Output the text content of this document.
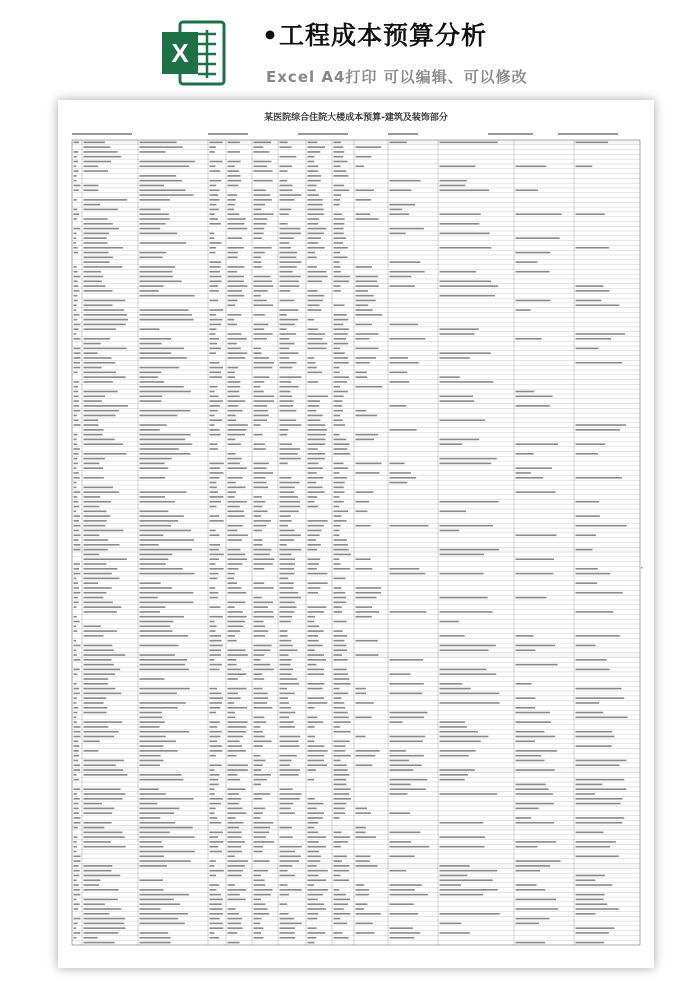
X
•工程成本预算分析
Excel A4打印 可以编辑、可以修改
某医院综合住院大楼成本预算-建筑及装饰部分
•
